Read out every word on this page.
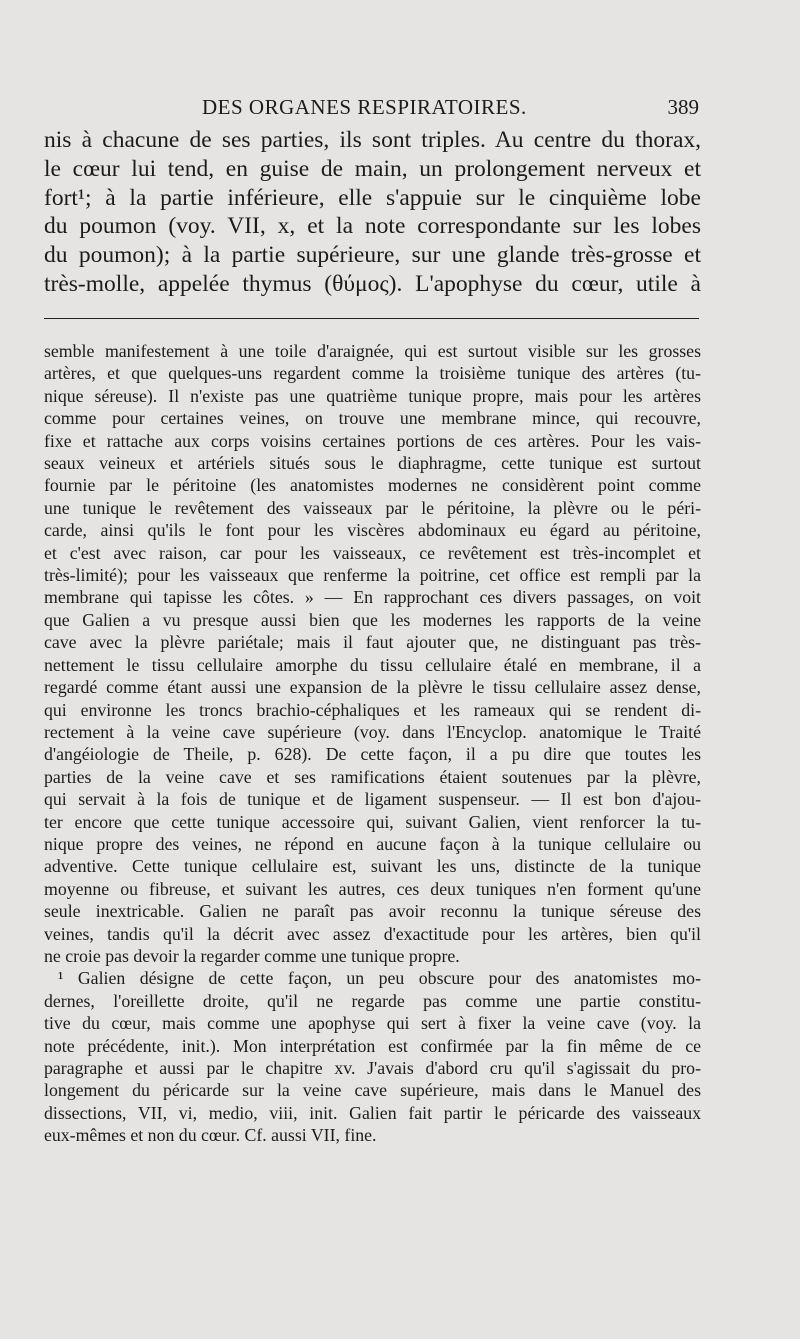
DES ORGANES RESPIRATOIRES.	389
nis à chacune de ses parties, ils sont triples. Au centre du thorax,
le cœur lui tend, en guise de main, un prolongement nerveux et
fort¹; à la partie inférieure, elle s'appuie sur le cinquième lobe
du poumon (voy. VII, x, et la note correspondante sur les lobes
du poumon); à la partie supérieure, sur une glande très-grosse et
très-molle, appelée thymus (θύμος). L'apophyse du cœur, utile à
semble manifestement à une toile d'araignée, qui est surtout visible sur les grosses
artères, et que quelques-uns regardent comme la troisième tunique des artères (tu-
nique séreuse). Il n'existe pas une quatrième tunique propre, mais pour les artères
comme pour certaines veines, on trouve une membrane mince, qui recouvre,
fixe et rattache aux corps voisins certaines portions de ces artères. Pour les vais-
seaux veineux et artériels situés sous le diaphragme, cette tunique est surtout
fournie par le péritoine (les anatomistes modernes ne considèrent point comme
une tunique le revêtement des vaisseaux par le péritoine, la plèvre ou le péri-
carde, ainsi qu'ils le font pour les viscères abdominaux eu égard au péritoine,
et c'est avec raison, car pour les vaisseaux, ce revêtement est très-incomplet et
très-limité); pour les vaisseaux que renferme la poitrine, cet office est rempli par la
membrane qui tapisse les côtes. » — En rapprochant ces divers passages, on voit
que Galien a vu presque aussi bien que les modernes les rapports de la veine
cave avec la plèvre pariétale; mais il faut ajouter que, ne distinguant pas très-
nettement le tissu cellulaire amorphe du tissu cellulaire étalé en membrane, il a
regardé comme étant aussi une expansion de la plèvre le tissu cellulaire assez dense,
qui environne les troncs brachio-céphaliques et les rameaux qui se rendent di-
rectement à la veine cave supérieure (voy. dans l'Encyclop. anatomique le Traité
d'angéiologie de Theile, p. 628). De cette façon, il a pu dire que toutes les
parties de la veine cave et ses ramifications étaient soutenues par la plèvre,
qui servait à la fois de tunique et de ligament suspenseur. — Il est bon d'ajou-
ter encore que cette tunique accessoire qui, suivant Galien, vient renforcer la tu-
nique propre des veines, ne répond en aucune façon à la tunique cellulaire ou
adventive. Cette tunique cellulaire est, suivant les uns, distincte de la tunique
moyenne ou fibreuse, et suivant les autres, ces deux tuniques n'en forment qu'une
seule inextricable. Galien ne paraît pas avoir reconnu la tunique séreuse des
veines, tandis qu'il la décrit avec assez d'exactitude pour les artères, bien qu'il
ne croie pas devoir la regarder comme une tunique propre.
¹ Galien désigne de cette façon, un peu obscure pour des anatomistes mo-
dernes, l'oreillette droite, qu'il ne regarde pas comme une partie constitu-
tive du cœur, mais comme une apophyse qui sert à fixer la veine cave (voy. la
note précédente, init.). Mon interprétation est confirmée par la fin même de ce
paragraphe et aussi par le chapitre xv. J'avais d'abord cru qu'il s'agissait du pro-
longement du péricarde sur la veine cave supérieure, mais dans le Manuel des
dissections, VII, vi, medio, viii, init. Galien fait partir le péricarde des vaisseaux
eux-mêmes et non du cœur. Cf. aussi VII, fine.
